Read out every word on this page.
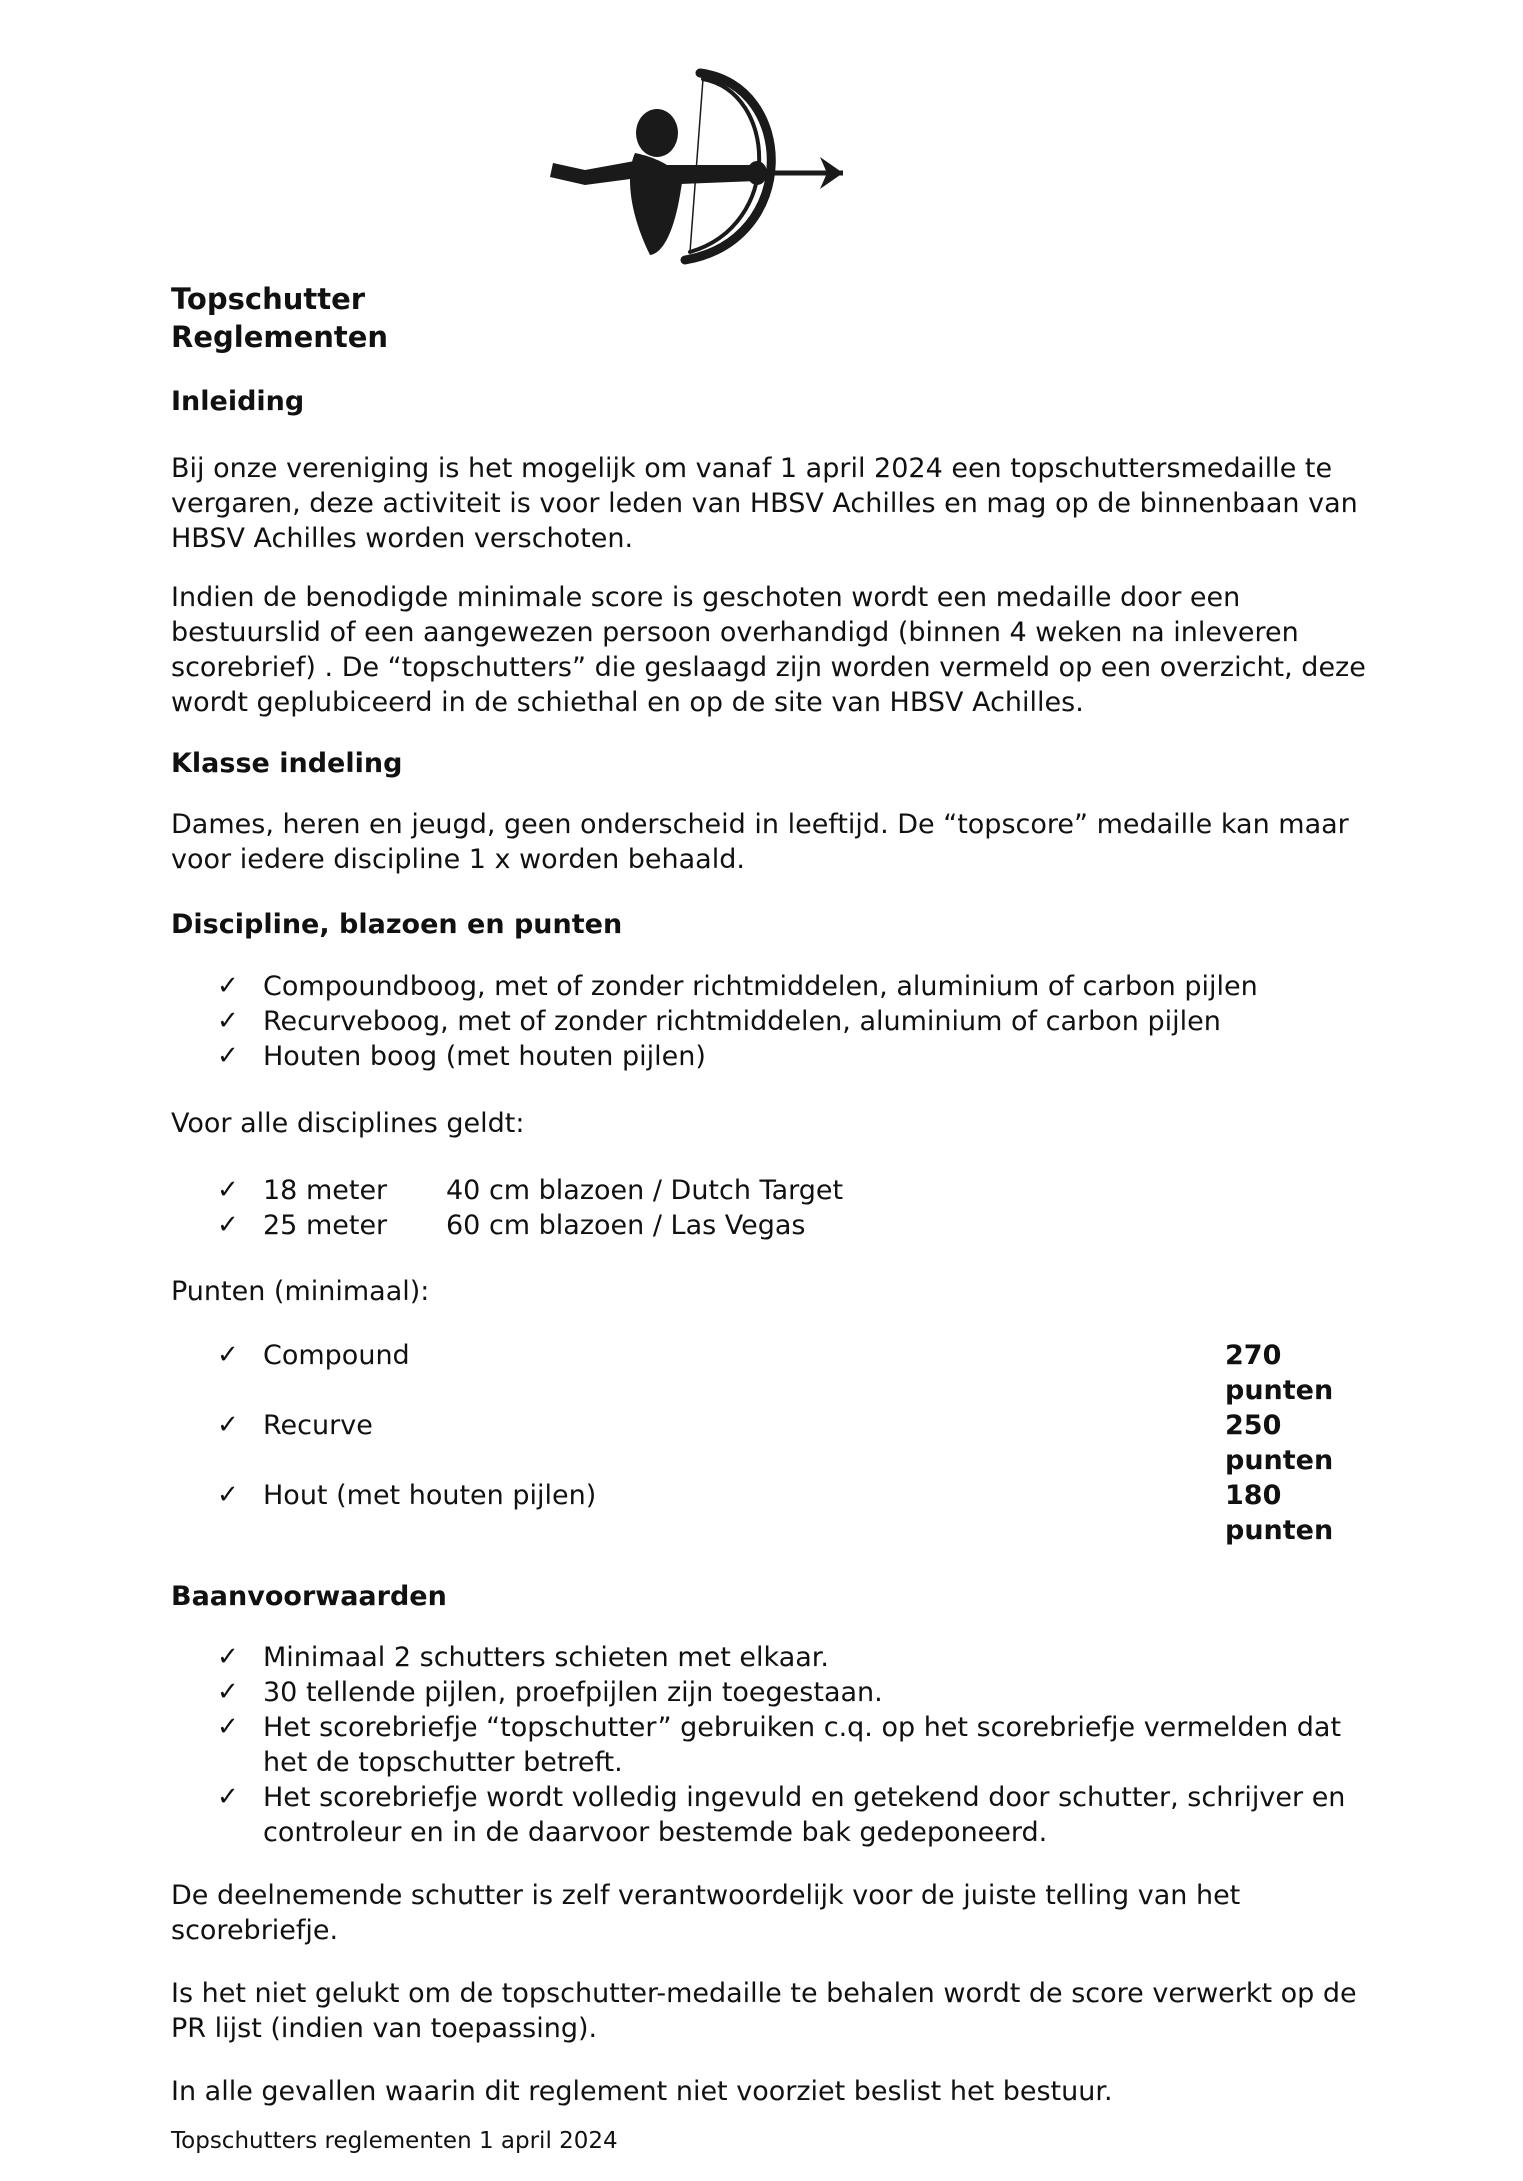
Topschutter

Reglementen

Inleiding

Bij onze vereniging is het mogelijk om vanaf 1 april 2024 een topschuttersmedaille te vergaren, deze activiteit is voor leden van HBSV Achilles en mag op de binnenbaan van HBSV Achilles worden verschoten.

Indien de benodigde minimale score is geschoten wordt een medaille door een bestuurslid of een aangewezen persoon overhandigd (binnen 4 weken na inleveren scorebrief) . De “topschutters” die geslaagd zijn worden vermeld op een overzicht, deze wordt geplubiceerd in de schiethal en op de site van HBSV Achilles.

Klasse indeling

Dames, heren en jeugd, geen onderscheid in leeftijd. De “topscore” medaille kan maar voor iedere discipline 1 x worden behaald.

Discipline, blazoen en punten
✓ Compoundboog, met of zonder richtmiddelen, aluminium of carbon pijlen
✓ Recurveboog, met of zonder richtmiddelen, aluminium of carbon pijlen
✓ Houten boog (met houten pijlen)

Voor alle disciplines geldt:

✓ 18 meter 40 cm blazoen / Dutch Target
✓ 25 meter 60 cm blazoen / Las Vegas

Punten (minimaal):

✓ Compound	270 punten
✓ Recurve	250 punten
✓ Hout (met houten pijlen)	180 punten
Baanvoorwaarden
✓ Minimaal 2 schutters schieten met elkaar.
✓ 30 tellende pijlen, proefpijlen zijn toegestaan.
✓ Het scorebriefje “topschutter” gebruiken c.q. op het scorebriefje vermelden dat het de topschutter betreft.
✓ Het scorebriefje wordt volledig ingevuld en getekend door schutter, schrijver en controleur en in de daarvoor bestemde bak gedeponeerd.

De deelnemende schutter is zelf verantwoordelijk voor de juiste telling van het scorebriefje.

Is het niet gelukt om de topschutter-medaille te behalen wordt de score verwerkt op de PR lijst (indien van toepassing).

In alle gevallen waarin dit reglement niet voorziet beslist het bestuur.

Topschutters reglementen 1 april 2024
